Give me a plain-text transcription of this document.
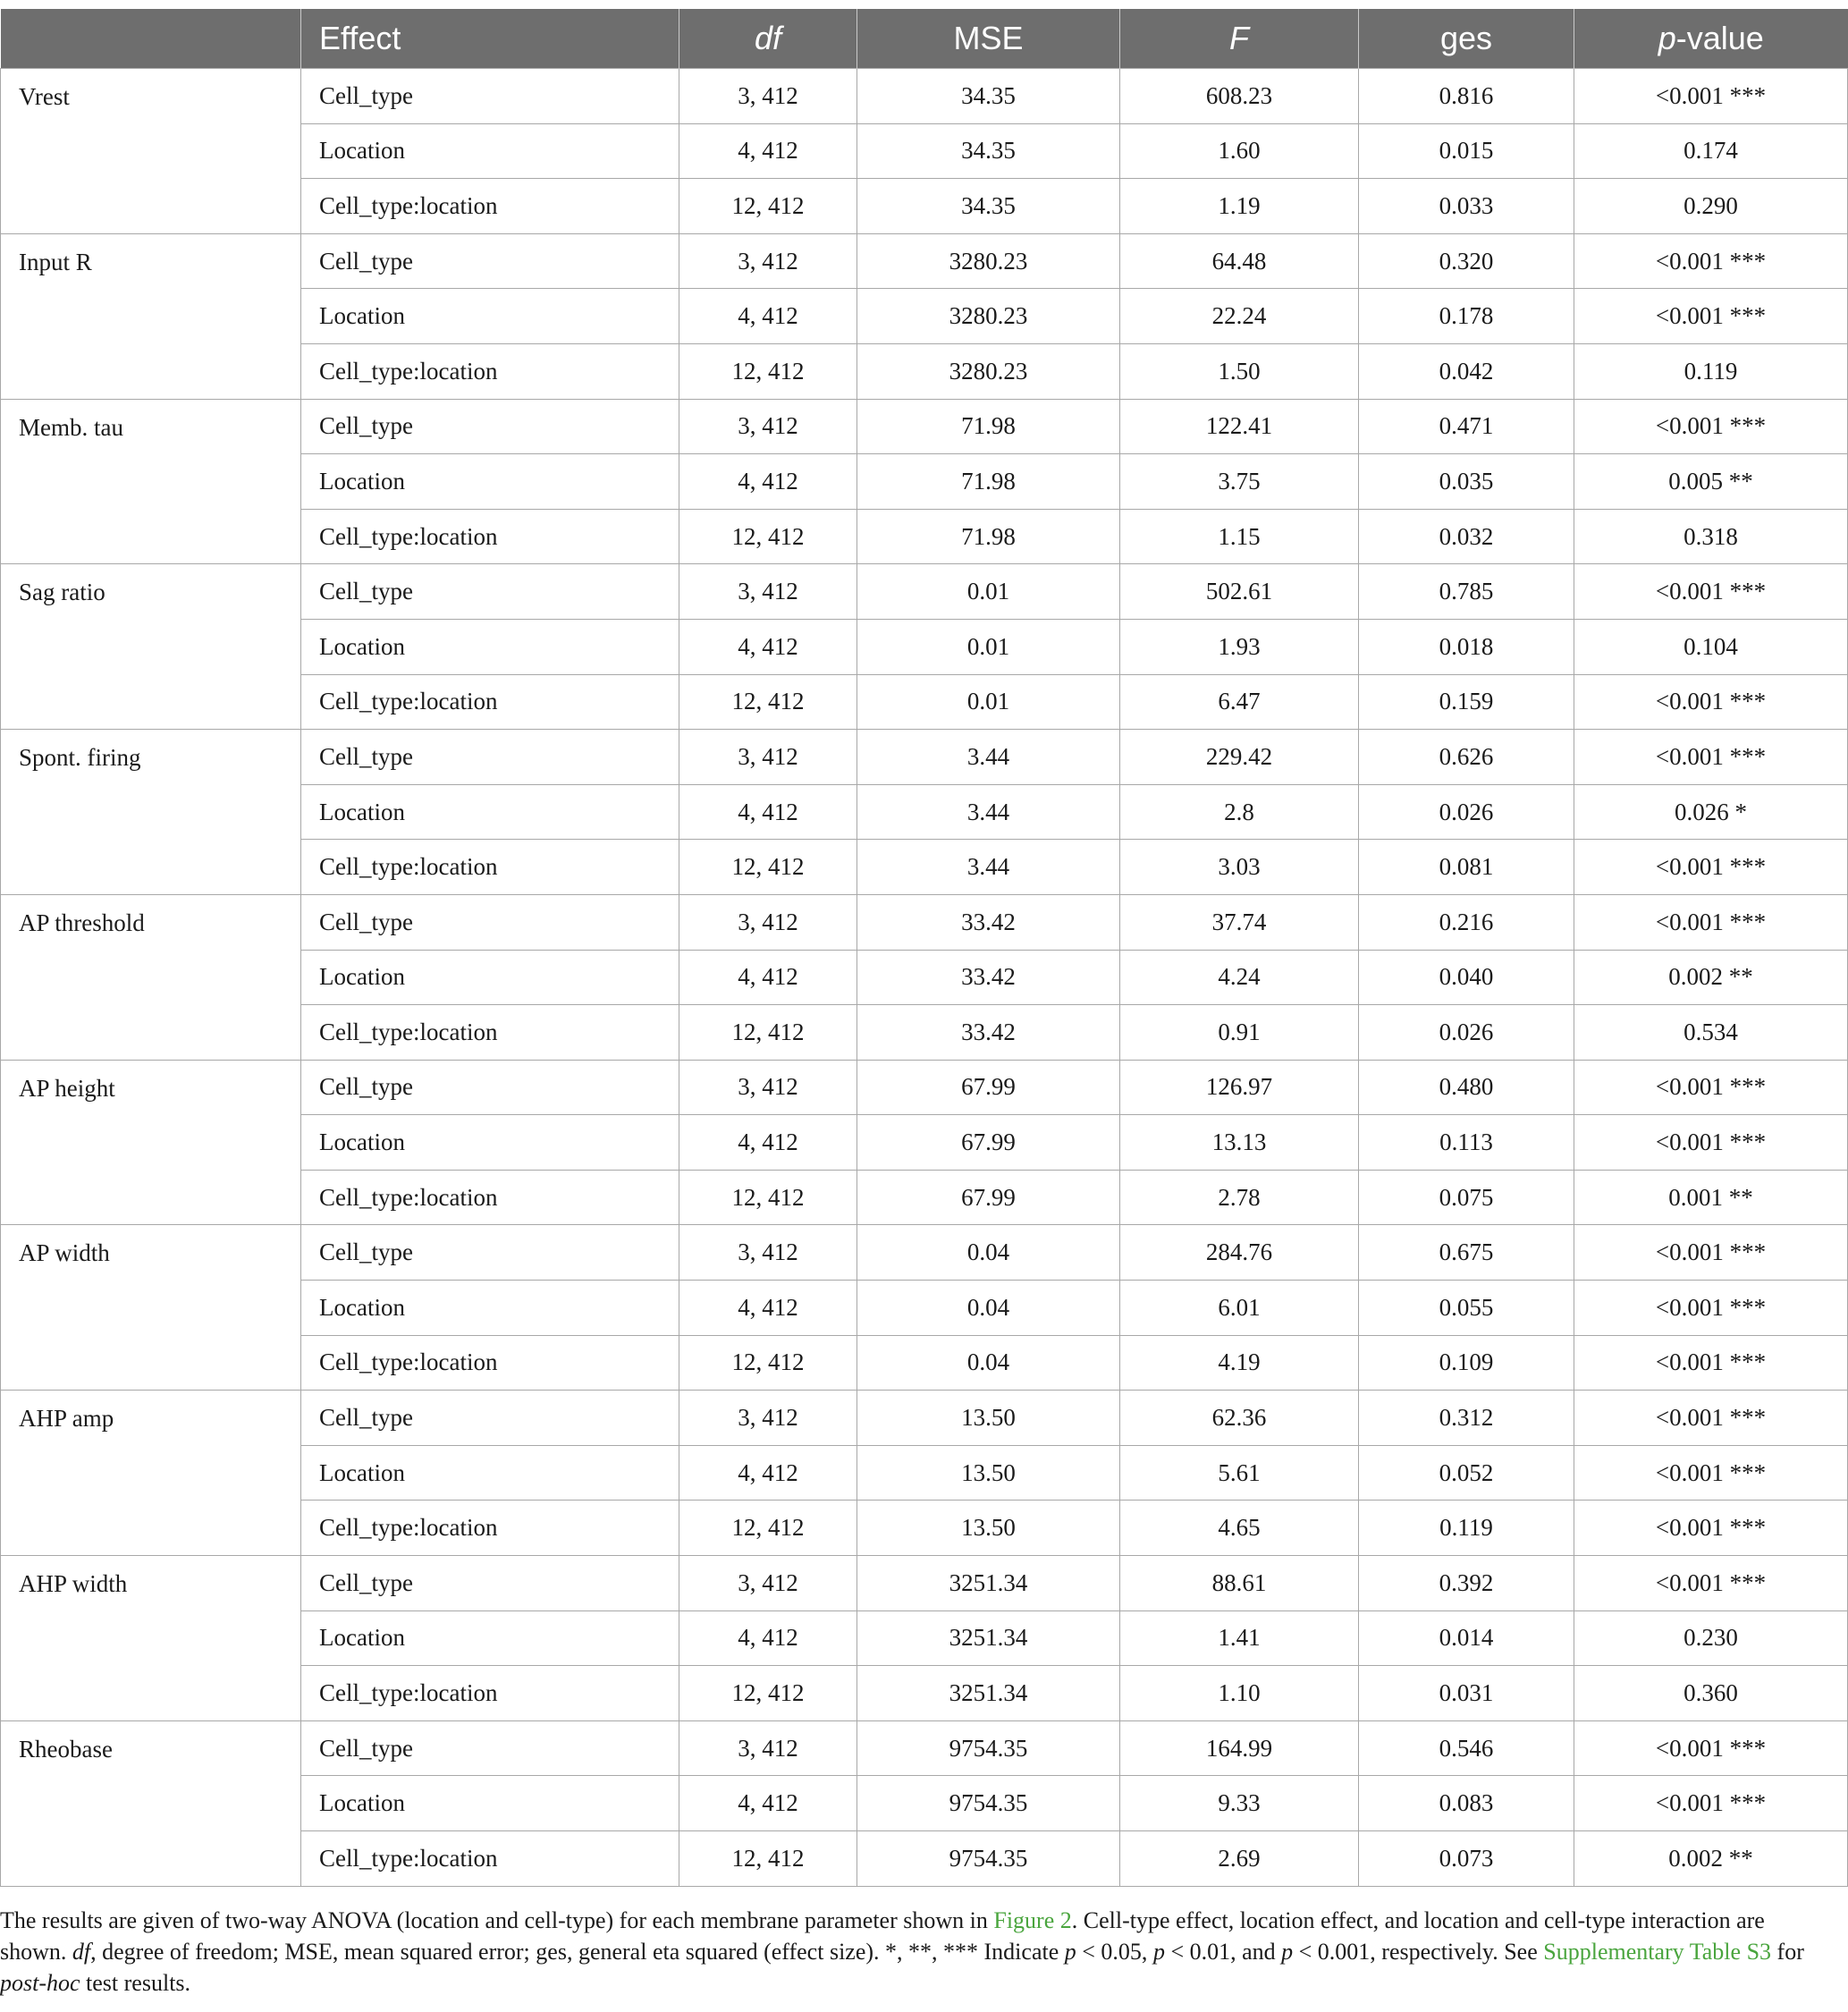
	Effect	df	MSE	F	ges	p-value
Vrest	Cell_type	3, 412	34.35	608.23	0.816	<0.001 ***
	Location	4, 412	34.35	1.60	0.015	0.174
	Cell_type:location	12, 412	34.35	1.19	0.033	0.290
Input R	Cell_type	3, 412	3280.23	64.48	0.320	<0.001 ***
	Location	4, 412	3280.23	22.24	0.178	<0.001 ***
	Cell_type:location	12, 412	3280.23	1.50	0.042	0.119
Memb. tau	Cell_type	3, 412	71.98	122.41	0.471	<0.001 ***
	Location	4, 412	71.98	3.75	0.035	0.005 **
	Cell_type:location	12, 412	71.98	1.15	0.032	0.318
Sag ratio	Cell_type	3, 412	0.01	502.61	0.785	<0.001 ***
	Location	4, 412	0.01	1.93	0.018	0.104
	Cell_type:location	12, 412	0.01	6.47	0.159	<0.001 ***
Spont. firing	Cell_type	3, 412	3.44	229.42	0.626	<0.001 ***
	Location	4, 412	3.44	2.8	0.026	0.026 *
	Cell_type:location	12, 412	3.44	3.03	0.081	<0.001 ***
AP threshold	Cell_type	3, 412	33.42	37.74	0.216	<0.001 ***
	Location	4, 412	33.42	4.24	0.040	0.002 **
	Cell_type:location	12, 412	33.42	0.91	0.026	0.534
AP height	Cell_type	3, 412	67.99	126.97	0.480	<0.001 ***
	Location	4, 412	67.99	13.13	0.113	<0.001 ***
	Cell_type:location	12, 412	67.99	2.78	0.075	0.001 **
AP width	Cell_type	3, 412	0.04	284.76	0.675	<0.001 ***
	Location	4, 412	0.04	6.01	0.055	<0.001 ***
	Cell_type:location	12, 412	0.04	4.19	0.109	<0.001 ***
AHP amp	Cell_type	3, 412	13.50	62.36	0.312	<0.001 ***
	Location	4, 412	13.50	5.61	0.052	<0.001 ***
	Cell_type:location	12, 412	13.50	4.65	0.119	<0.001 ***
AHP width	Cell_type	3, 412	3251.34	88.61	0.392	<0.001 ***
	Location	4, 412	3251.34	1.41	0.014	0.230
	Cell_type:location	12, 412	3251.34	1.10	0.031	0.360
Rheobase	Cell_type	3, 412	9754.35	164.99	0.546	<0.001 ***
	Location	4, 412	9754.35	9.33	0.083	<0.001 ***
	Cell_type:location	12, 412	9754.35	2.69	0.073	0.002 **
The results are given of two-way ANOVA (location and cell-type) for each membrane parameter shown in Figure 2. Cell-type effect, location effect, and location and cell-type interaction are shown. df, degree of freedom; MSE, mean squared error; ges, general eta squared (effect size). *, **, *** Indicate p < 0.05, p < 0.01, and p < 0.001, respectively. See Supplementary Table S3 for post-hoc test results.
